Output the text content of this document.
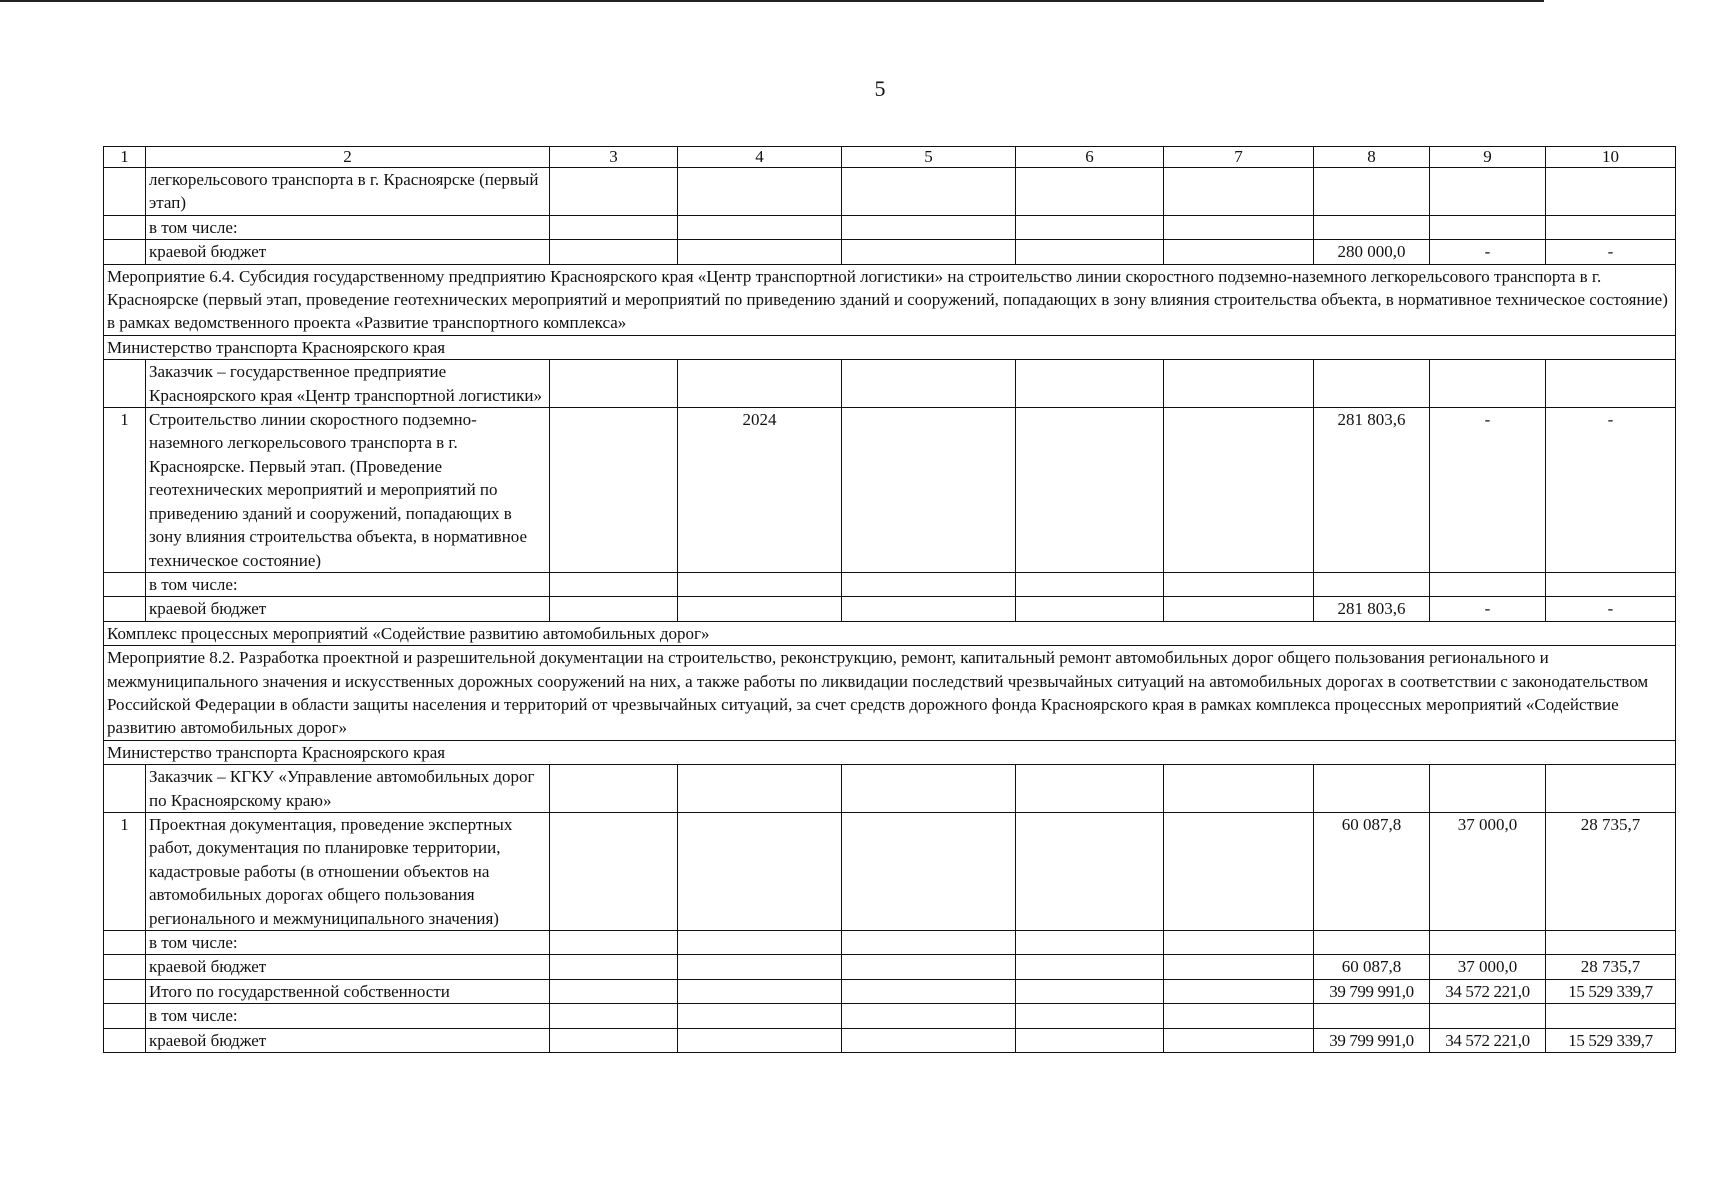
5
1	2	3	4	5	6	7	8	9	10
	легкорельсового транспорта в г. Красноярске (первый этап)								
	в том числе:								
	краевой бюджет						280 000,0	-	-
Мероприятие 6.4. Субсидия государственному предприятию Красноярского края «Центр транспортной логистики» на строительство линии скоростного подземно-наземного легкорельсового транспорта в г. Красноярске (первый этап, проведение геотехнических мероприятий и мероприятий по приведению зданий и сооружений, попадающих в зону влияния строительства объекта, в нормативное техническое состояние) в рамках ведомственного проекта «Развитие транспортного комплекса»									
Министерство транспорта Красноярского края									
	Заказчик – государственное предприятие Красноярского края «Центр транспортной логистики»								
1	Строительство линии скоростного подземно-наземного легкорельсового транспорта в г. Красноярске. Первый этап. (Проведение геотехнических мероприятий и мероприятий по приведению зданий и сооружений, попадающих в зону влияния строительства объекта, в нормативное техническое состояние)		2024				281 803,6	-	-
	в том числе:								
	краевой бюджет						281 803,6	-	-
Комплекс процессных мероприятий «Содействие развитию автомобильных дорог»									
Мероприятие 8.2. Разработка проектной и разрешительной документации на строительство, реконструкцию, ремонт, капитальный ремонт автомобильных дорог общего пользования регионального и межмуниципального значения и искусственных дорожных сооружений на них, а также работы по ликвидации последствий чрезвычайных ситуаций на автомобильных дорогах в соответствии с законодательством Российской Федерации в области защиты населения и территорий от чрезвычайных ситуаций, за счет средств дорожного фонда Красноярского края в рамках комплекса процессных мероприятий «Содействие развитию автомобильных дорог»									
Министерство транспорта Красноярского края									
	Заказчик – КГКУ «Управление автомобильных дорог по Красноярскому краю»								
1	Проектная документация, проведение экспертных работ, документация по планировке территории, кадастровые работы (в отношении объектов на автомобильных дорогах общего пользования регионального и межмуниципального значения)						60 087,8	37 000,0	28 735,7
	в том числе:								
	краевой бюджет						60 087,8	37 000,0	28 735,7
	Итого по государственной собственности						39 799 991,0	34 572 221,0	15 529 339,7
	в том числе:								
	краевой бюджет						39 799 991,0	34 572 221,0	15 529 339,7
